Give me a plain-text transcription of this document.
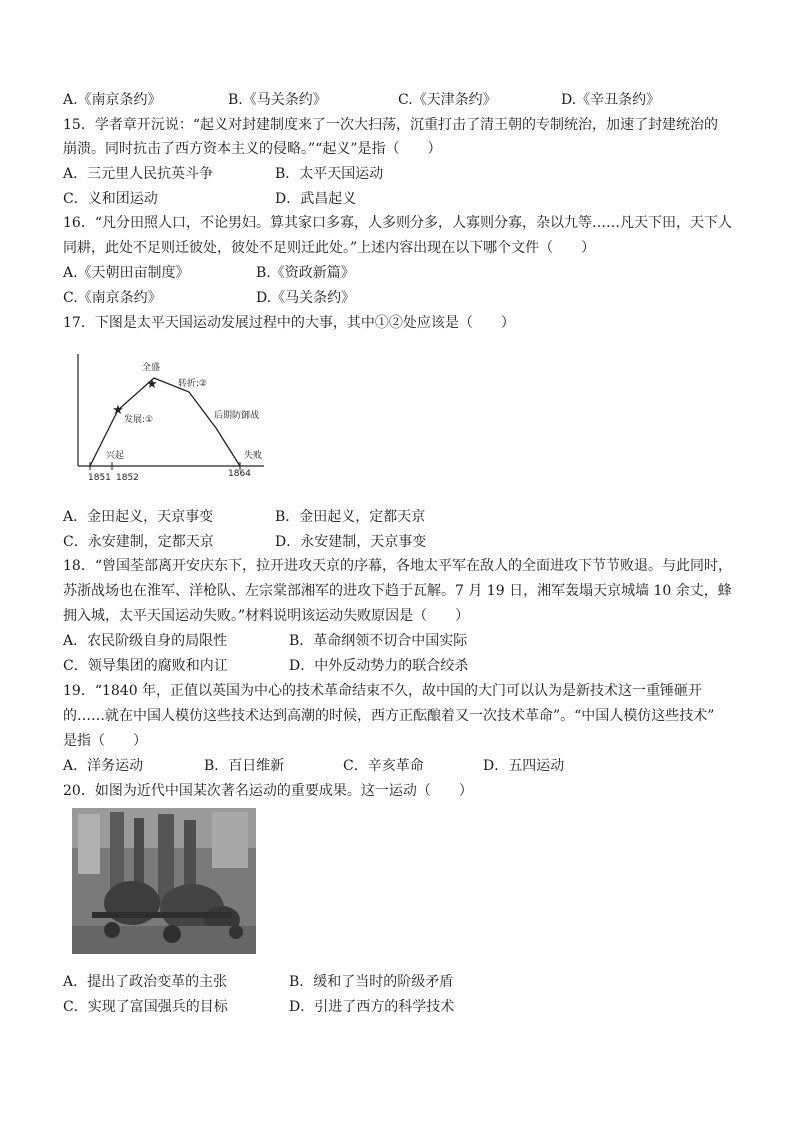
A.《南京条约》	B.《马关条约》	C.《天津条约》	D.《辛丑条约》
15．学者章开沅说：“起义对封建制度来了一次大扫荡，沉重打击了清王朝的专制统治，加速了封建统治的
崩溃。同时抗击了西方资本主义的侵略。”“起义”是指（　　）
A．三元里人民抗英斗争	B．太平天国运动
C．义和团运动	D．武昌起义
16．“凡分田照人口，不论男妇。算其家口多寡，人多则分多，人寡则分寡，杂以九等……凡天下田，天下人
同耕，此处不足则迁彼处，彼处不足则迁此处。”上述内容出现在以下哪个文件（　　）
A.《天朝田亩制度》	B.《资政新篇》
C.《南京条约》	D.《马关条约》
17．下图是太平天国运动发展过程中的大事，其中①②处应该是（　　）
★
★
全盛
转折:②
发展:①	后期防御战
兴起	失败
1851 1852	1864
A．金田起义，天京事变	B．金田起义，定都天京
C．永安建制，定都天京	D．永安建制，天京事变
18．“曾国荃部离开安庆东下，拉开进攻天京的序幕，各地太平军在敌人的全面进攻下节节败退。与此同时，
苏浙战场也在淮军、洋枪队、左宗棠部湘军的进攻下趋于瓦解。7 月 19 日，湘军轰塌天京城墙 10 余丈，蜂
拥入城，太平天国运动失败。”材料说明该运动失败原因是（　　）
A．农民阶级自身的局限性	B．革命纲领不切合中国实际
C．领导集团的腐败和内讧	D．中外反动势力的联合绞杀
19．“1840 年，正值以英国为中心的技术革命结束不久，故中国的大门可以认为是新技术这一重锤砸开
的……就在中国人模仿这些技术达到高潮的时候，西方正酝酿着又一次技术革命”。“中国人模仿这些技术”
是指（　　）
A．洋务运动	B．百日维新	C．辛亥革命	D．五四运动
20．如图为近代中国某次著名运动的重要成果。这一运动（　　）
A．提出了政治变革的主张	B．缓和了当时的阶级矛盾
C．实现了富国强兵的目标	D．引进了西方的科学技术
